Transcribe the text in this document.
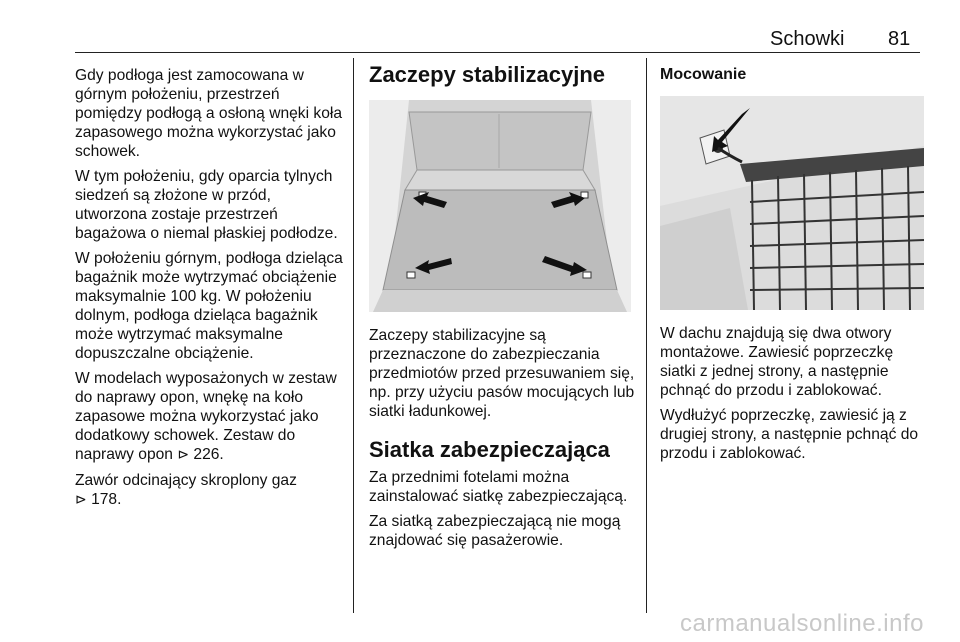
Schowki 81

Gdy podłoga jest zamocowana w górnym położeniu, przestrzeń pomiędzy podłogą a osłoną wnęki koła zapasowego można wykorzystać jako schowek.

W tym położeniu, gdy oparcia tylnych siedzeń są złożone w przód, utworzona zostaje przestrzeń bagażowa o niemal płaskiej podłodze.

W położeniu górnym, podłoga dzieląca bagażnik może wytrzymać obciążenie maksymalnie 100 kg. W położeniu dolnym, podłoga dzieląca bagażnik może wytrzymać maksymalne dopuszczalne obciążenie.

W modelach wyposażonych w zestaw do naprawy opon, wnękę na koło zapasowe można wykorzystać jako dodatkowy schowek. Zestaw do naprawy opon ⊳ 226.

Zawór odcinający skroplony gaz
⊳ 178.

Zaczepy stabilizacyjne

Zaczepy stabilizacyjne są przeznaczone do zabezpieczania przedmiotów przed przesuwaniem się, np. przy użyciu pasów mocujących lub siatki ładunkowej.

Siatka zabezpieczająca

Za przednimi fotelami można zainstalować siatkę zabezpieczającą.

Za siatką zabezpieczającą nie mogą znajdować się pasażerowie.

Mocowanie

W dachu znajdują się dwa otwory montażowe. Zawiesić poprzeczkę siatki z jednej strony, a następnie pchnąć do przodu i zablokować.

Wydłużyć poprzeczkę, zawiesić ją z drugiej strony, a następnie pchnąć do przodu i zablokować.

carmanualsonline.info
